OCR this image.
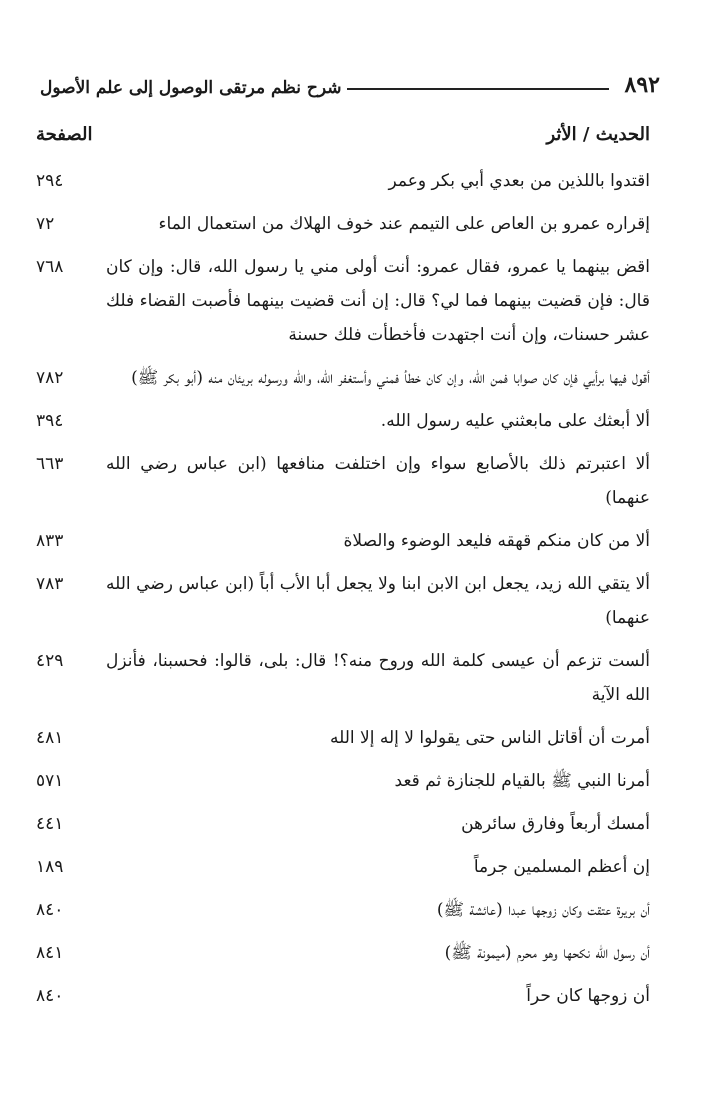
٨٩٢
شرح نظم مرتقى الوصول إلى علم الأصول
الحديث / الأثر
الصفحة
اقتدوا باللذين من بعدي أبي بكر وعمر
٢٩٤
إقراره عمرو بن العاص على التيمم عند خوف الهلاك من استعمال الماء
٧٢
اقض بينهما يا عمرو، فقال عمرو: أنت أولى مني يا رسول الله، قال: وإن كان قال: فإن قضيت بينهما فما لي؟ قال: إن أنت قضيت بينهما فأصبت القضاء فلك عشر حسنات، وإن أنت اجتهدت فأخطأت فلك حسنة
٧٦٨
أقول فيها برأيي فإن كان صوابا فمن الله، وإن كان خطأ فمني وأستغفر الله، والله ورسوله بريئان منه (أبو بكر ﷺ)
٧٨٢
ألا أبعثك على مابعثني عليه رسول الله.
٣٩٤
ألا اعتبرتم ذلك بالأصابع سواء وإن اختلفت منافعها (ابن عباس رضي الله عنهما)
٦٦٣
ألا من كان منكم قهقه فليعد الوضوء والصلاة
٨٣٣
ألا يتقي الله زيد، يجعل ابن الابن ابنا ولا يجعل أبا الأب أباً (ابن عباس رضي الله عنهما)
٧٨٣
ألست تزعم أن عيسى كلمة الله وروح منه؟! قال: بلى، قالوا: فحسبنا، فأنزل الله الآية
٤٢٩
أمرت أن أقاتل الناس حتى يقولوا لا إله إلا الله
٤٨١
أمرنا النبي ﷺ بالقيام للجنازة ثم قعد
٥٧١
أمسك أربعاً وفارق سائرهن
٤٤١
إن أعظم المسلمين جرماً
١٨٩
أن بريرة عتقت وكان زوجها عبدا (عائشة ﷺ)
٨٤٠
أن رسول الله نكحها وهو محرم (ميمونة ﷺ)
٨٤١
أن زوجها كان حراً
٨٤٠
